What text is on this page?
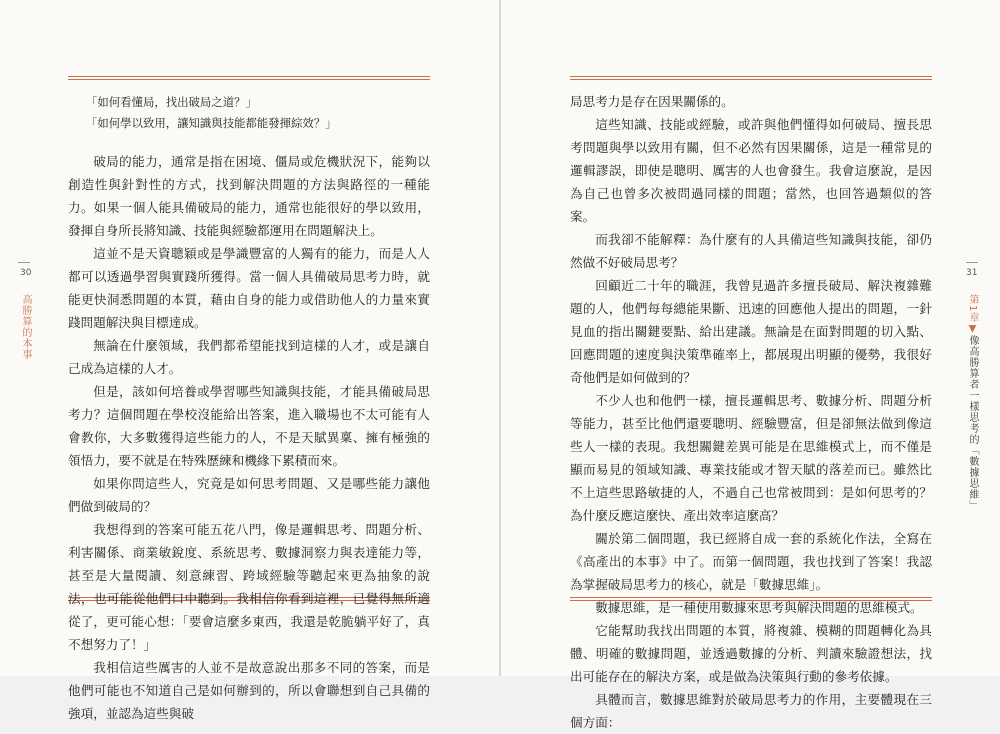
30
高勝算的本事
31
第1章▼像高勝算者一樣思考的「數據思維」

「如何看懂局，找出破局之道？」

「如何學以致用，讓知識與技能都能發揮綜效？」

破局的能力，通常是指在困境、僵局或危機狀況下，能夠以創造性與針對性的方式，找到解決問題的方法與路徑的一種能力。如果一個人能具備破局的能力，通常也能很好的學以致用，發揮自身所長將知識、技能與經驗都運用在問題解決上。

這並不是天資聰穎或是學識豐富的人獨有的能力，而是人人都可以透過學習與實踐所獲得。當一個人具備破局思考力時，就能更快洞悉問題的本質，藉由自身的能力或借助他人的力量來實踐問題解決與目標達成。

無論在什麼領域，我們都希望能找到這樣的人才，或是讓自己成為這樣的人才。

但是，該如何培養或學習哪些知識與技能，才能具備破局思考力？這個問題在學校沒能給出答案，進入職場也不太可能有人會教你，大多數獲得這些能力的人，不是天賦異稟、擁有極強的領悟力，要不就是在特殊歷練和機緣下累積而來。

如果你問這些人，究竟是如何思考問題、又是哪些能力讓他們做到破局的？

我想得到的答案可能五花八門，像是邏輯思考、問題分析、利害關係、商業敏銳度、系統思考、數據洞察力與表達能力等，甚至是大量閱讀、刻意練習、跨域經驗等聽起來更為抽象的說法，也可能從他們口中聽到。我相信你看到這裡，已覺得無所適從了，更可能心想：「要會這麼多東西，我還是乾脆躺平好了，真不想努力了！」

我相信這些厲害的人並不是故意說出那多不同的答案，而是他們可能也不知道自己是如何辦到的，所以會聯想到自己具備的強項，並認為這些與破

局思考力是存在因果關係的。

這些知識、技能或經驗，或許與他們懂得如何破局、擅長思考問題與學以致用有關，但不必然有因果關係，這是一種常見的邏輯謬誤，即使是聰明、厲害的人也會發生。我會這麼說，是因為自己也曾多次被問過同樣的問題；當然，也回答過類似的答案。

而我卻不能解釋：為什麼有的人具備這些知識與技能，卻仍然做不好破局思考？

回顧近二十年的職涯，我曾見過許多擅長破局、解決複雜難題的人，他們每每總能果斷、迅速的回應他人提出的問題，一針見血的指出關鍵要點、給出建議。無論是在面對問題的切入點、回應問題的速度與決策準確率上，都展現出明顯的優勢，我很好奇他們是如何做到的？

不少人也和他們一樣，擅長邏輯思考、數據分析、問題分析等能力，甚至比他們還要聰明、經驗豐富，但是卻無法做到像這些人一樣的表現。我想關鍵差異可能是在思維模式上，而不僅是顯而易見的領域知識、專業技能或才智天賦的落差而已。雖然比不上這些思路敏捷的人，不過自己也常被問到：是如何思考的？為什麼反應這麼快、產出效率這麼高？

關於第二個問題，我已經將自成一套的系統化作法，全寫在《高產出的本事》中了。而第一個問題，我也找到了答案！我認為掌握破局思考力的核心，就是「數據思維」。

數據思維，是一種使用數據來思考與解決問題的思維模式。

它能幫助我找出問題的本質，將複雜、模糊的問題轉化為具體、明確的數據問題，並透過數據的分析、判讀來驗證想法，找出可能存在的解決方案，或是做為決策與行動的參考依據。

具體而言，數據思維對於破局思考力的作用，主要體現在三個方面：
